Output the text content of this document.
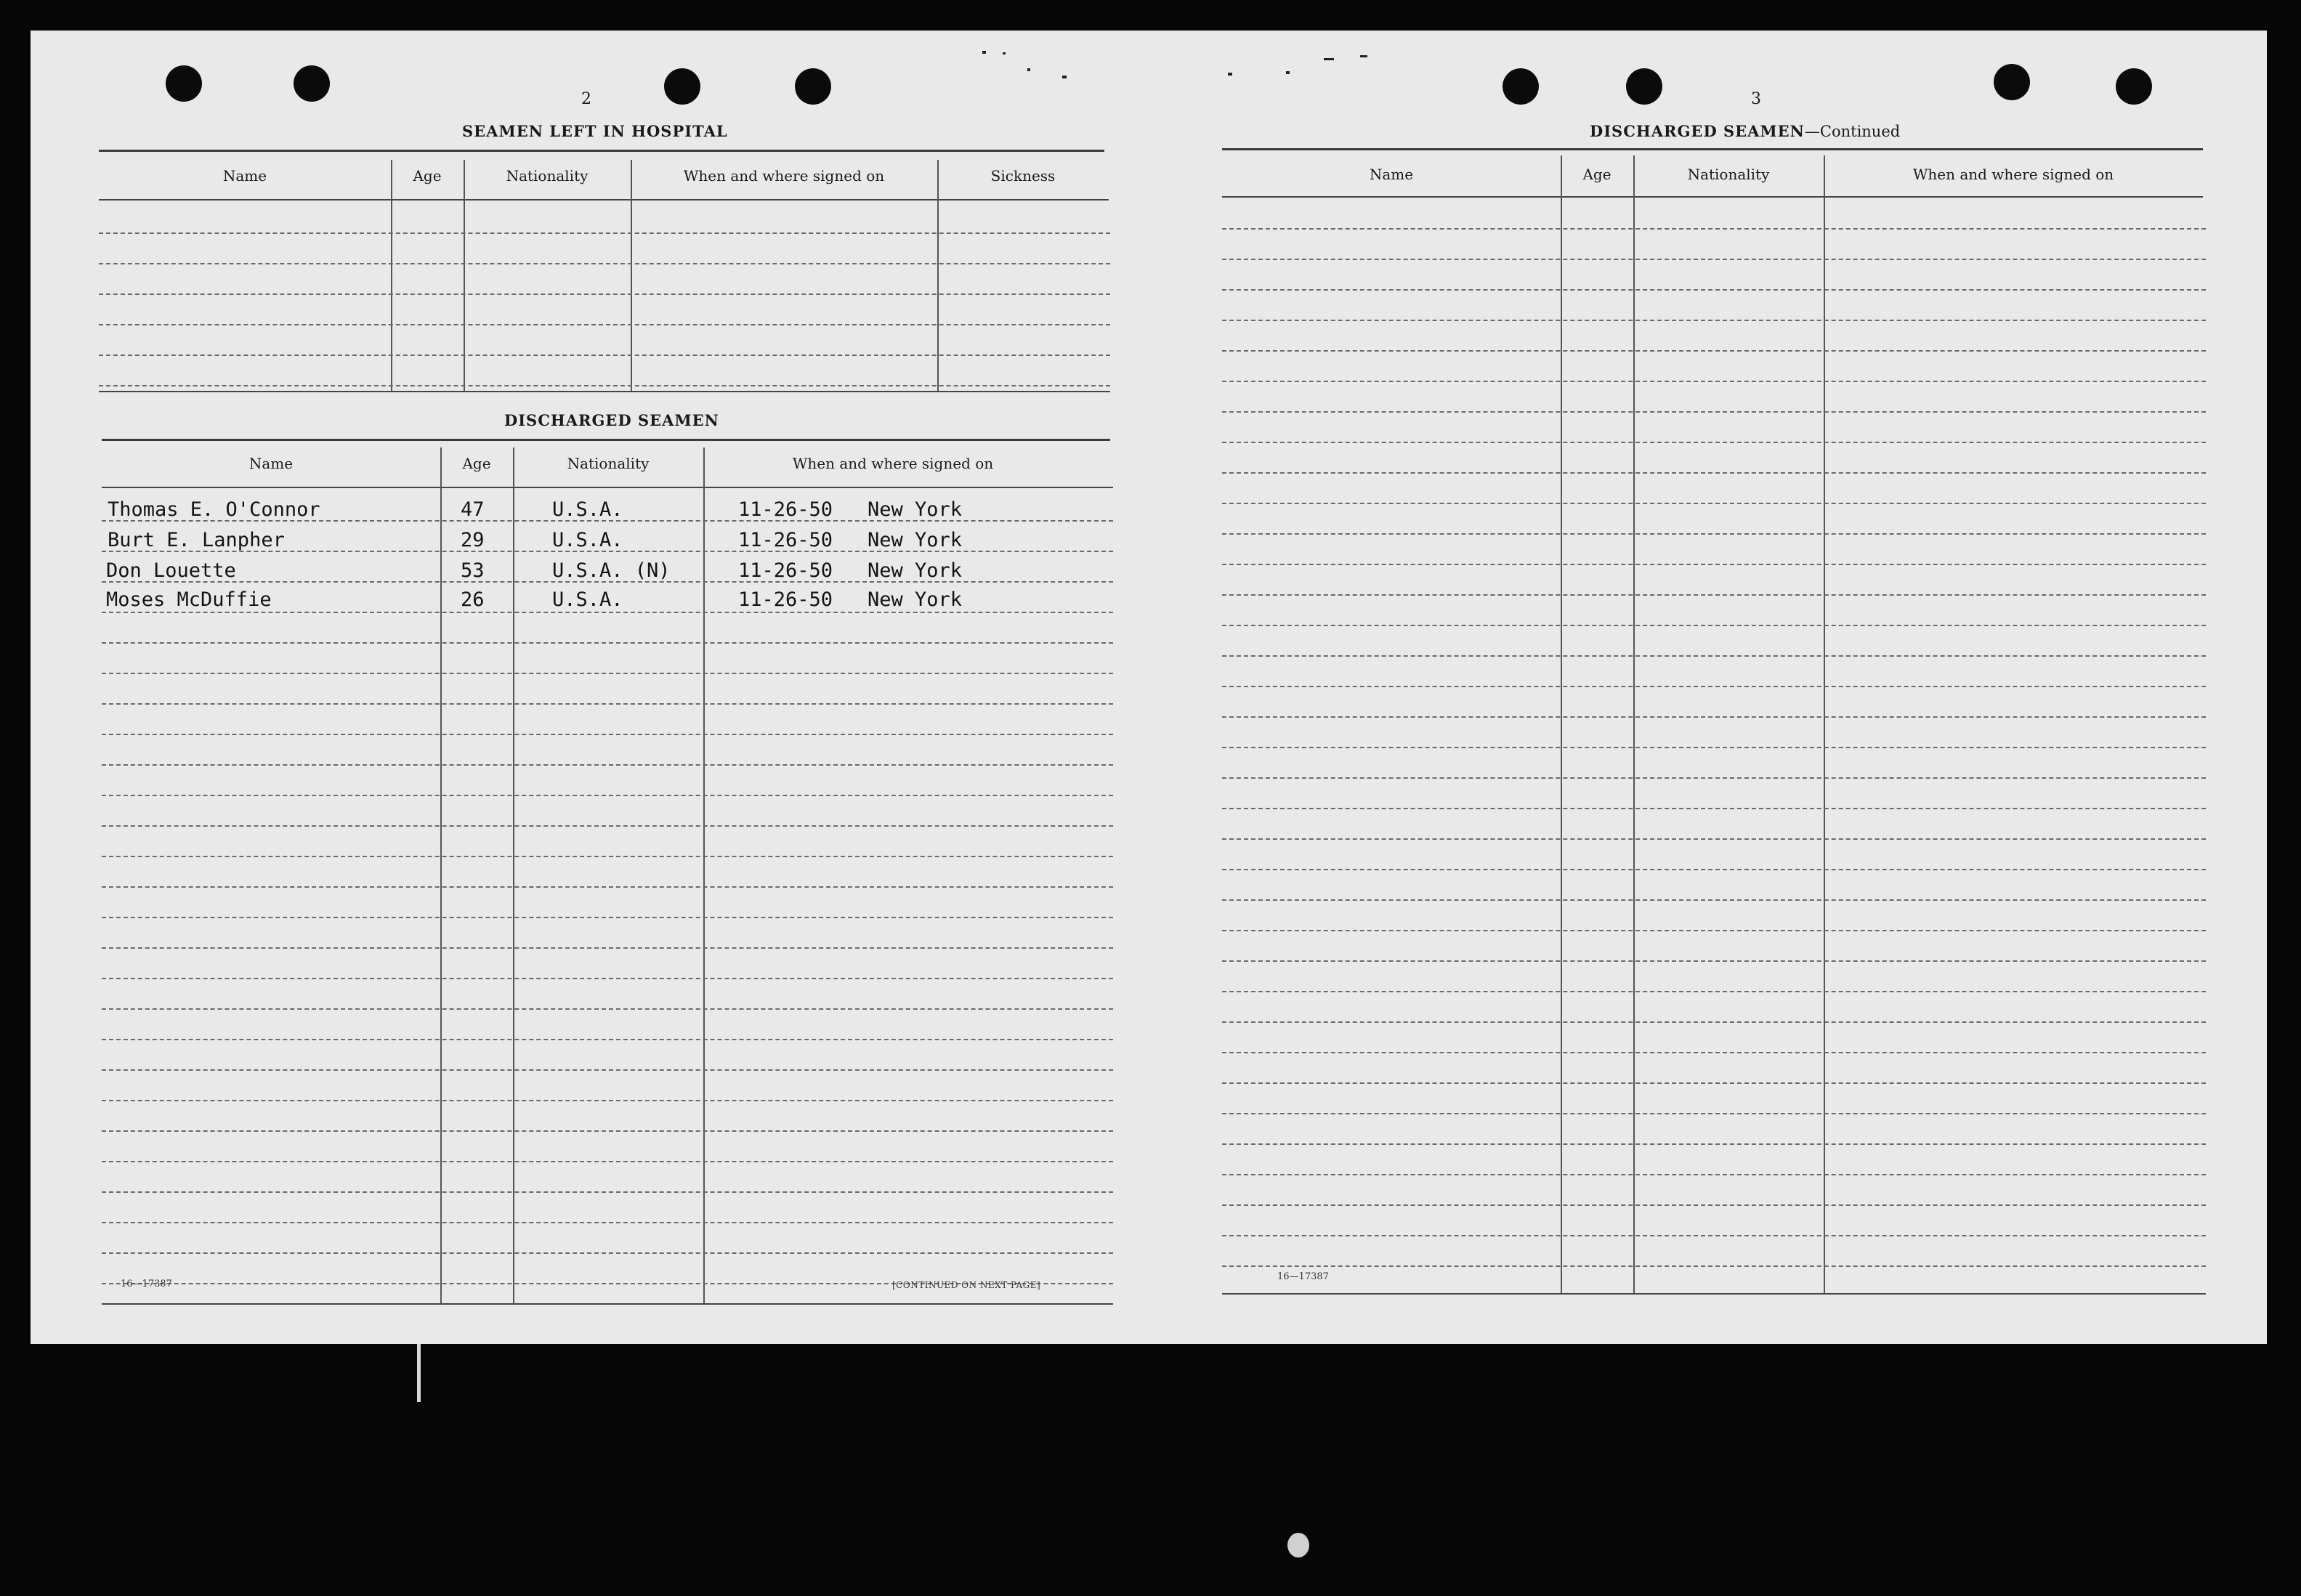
2
SEAMEN LEFT IN HOSPITAL
Name	Age	Nationality	When and where signed on	Sickness
DISCHARGED SEAMEN
Name	Age	Nationality	When and where signed on
Thomas E. O'Connor	47	U.S.A.	11-26-50 New York
Burt E. Lanpher	29	U.S.A.	11-26-50 New York
Don Louette	53	U.S.A. (N)	11-26-50 New York
Moses McDuffie	26	U.S.A.	11-26-50 New York
16—17387	[CONTINUED ON NEXT PAGE]
3
DISCHARGED SEAMEN—Continued
Name	Age	Nationality	When and where signed on
16—17387
